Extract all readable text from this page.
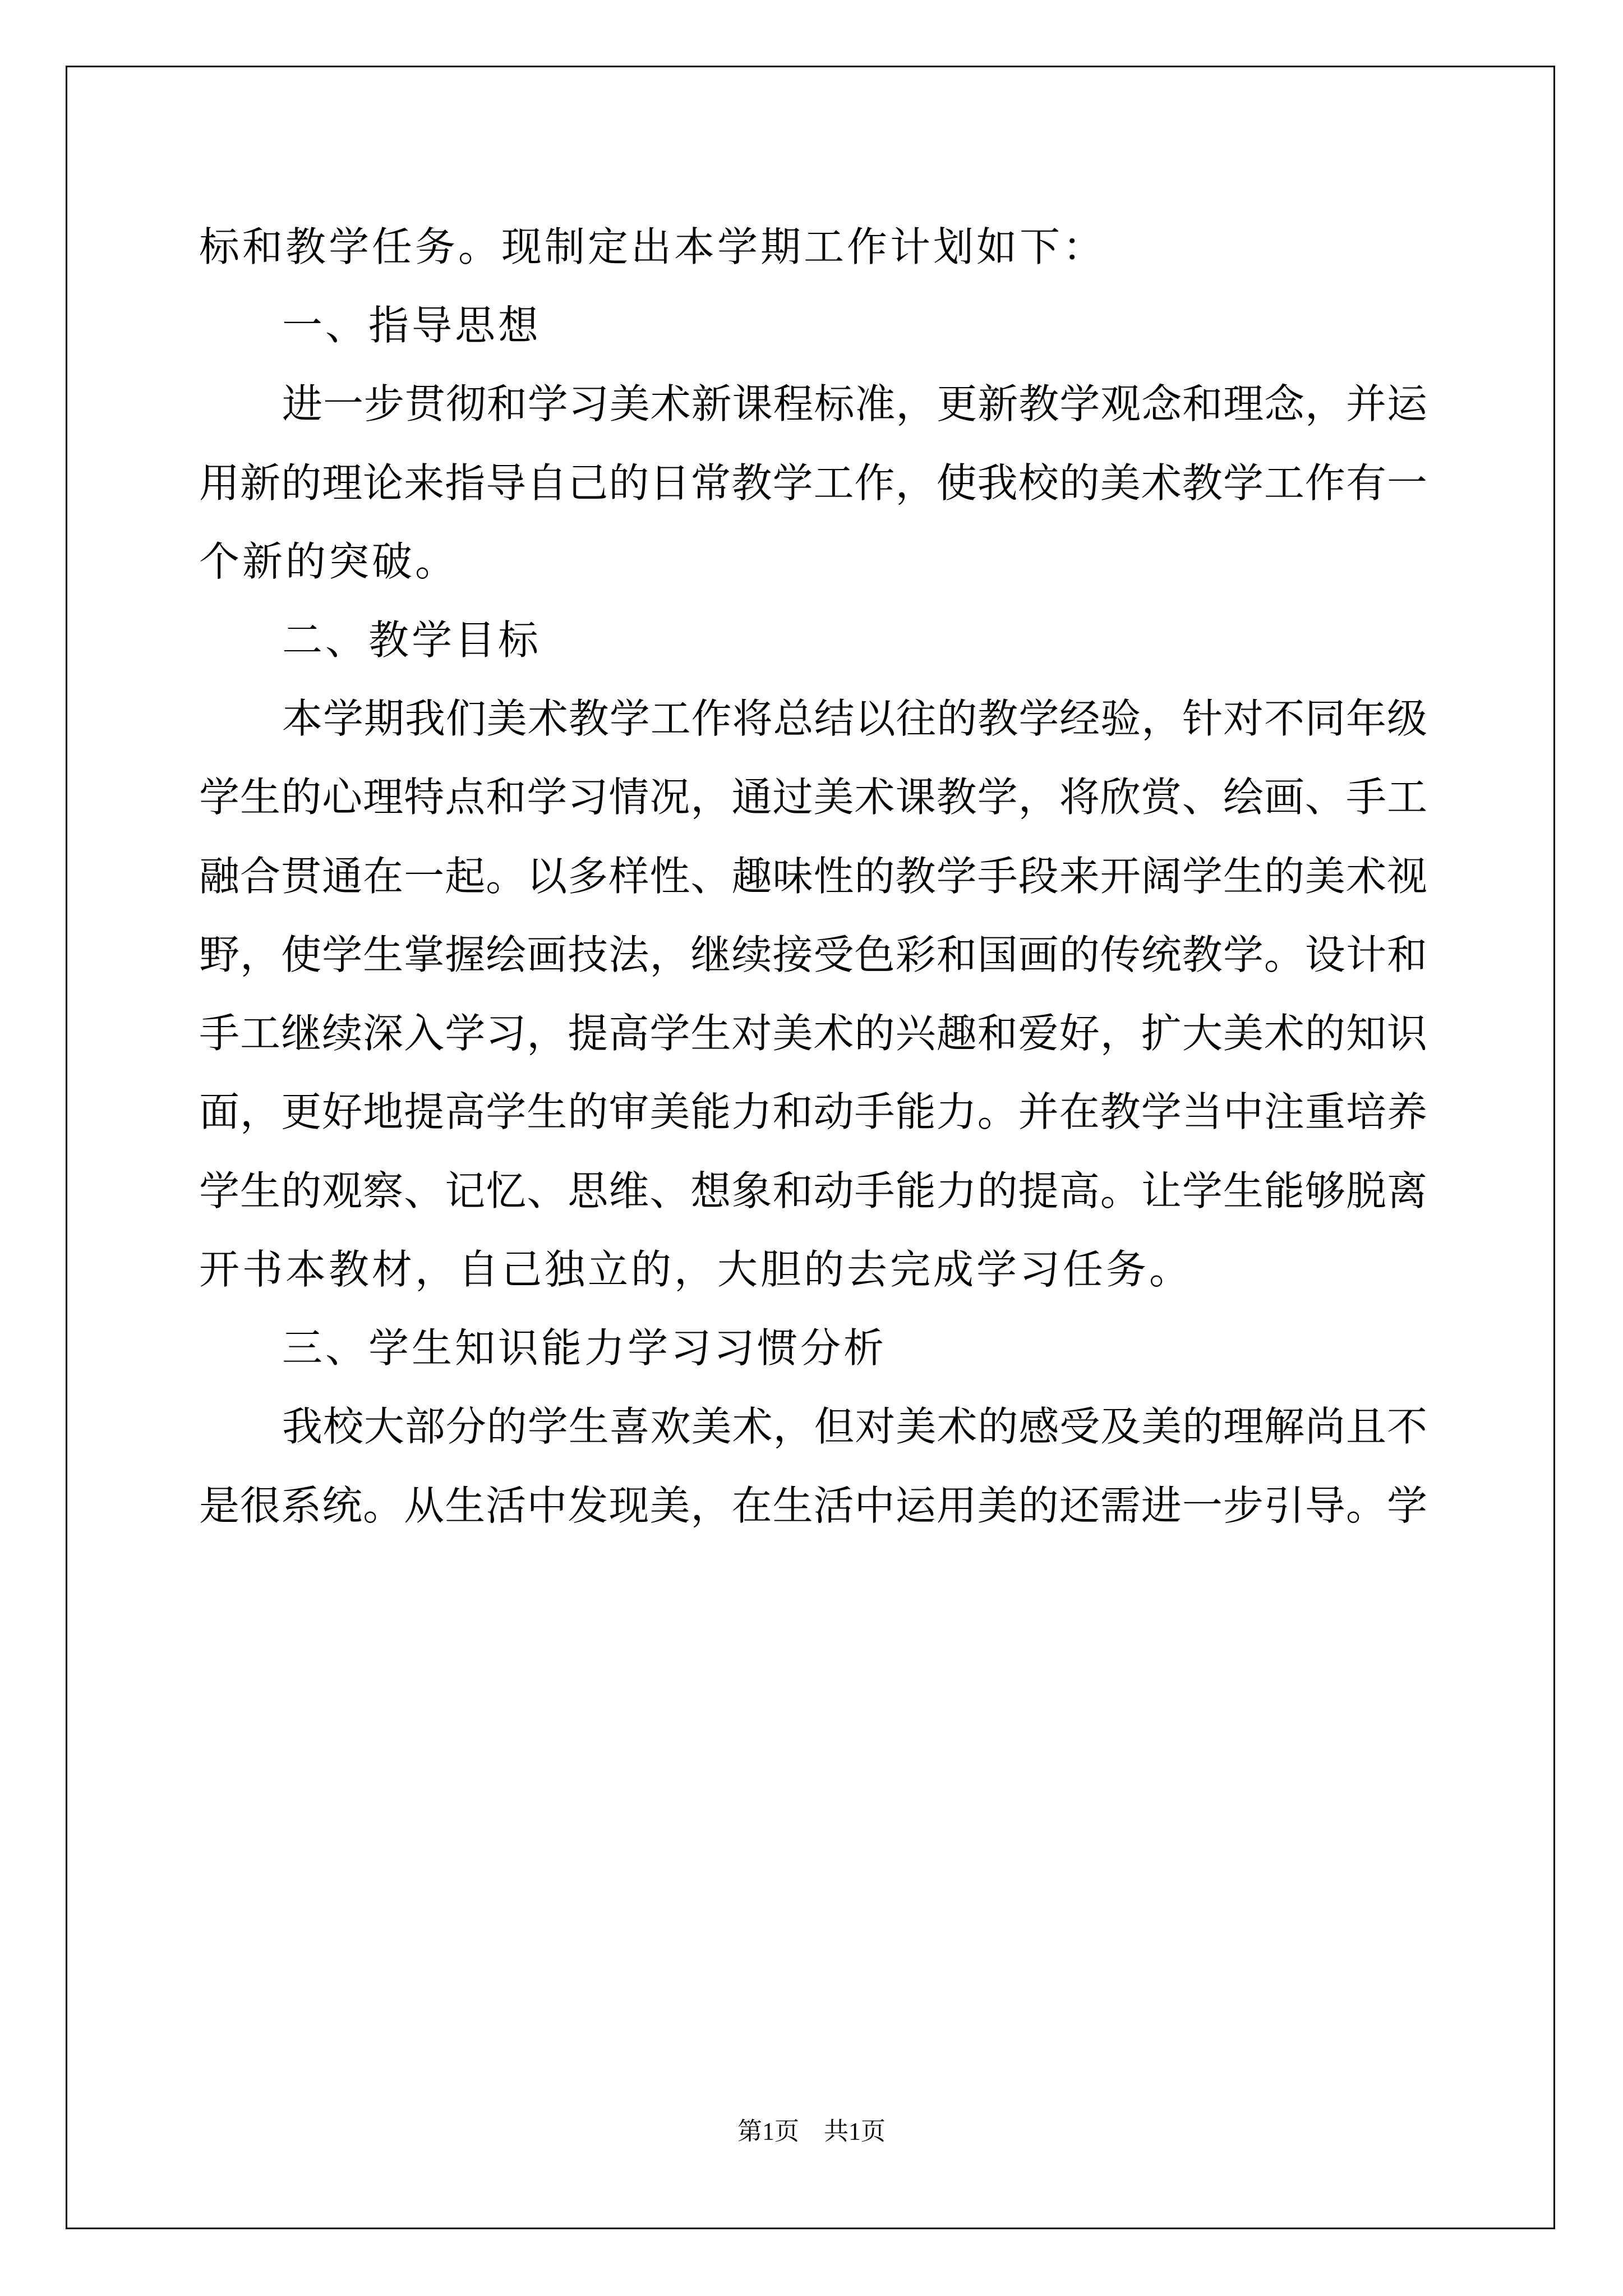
标和教学任务。现制定出本学期工作计划如下：
一、指导思想
进一步贯彻和学习美术新课程标准，更新教学观念和理念，并运
用新的理论来指导自己的日常教学工作，使我校的美术教学工作有一
个新的突破。
二、教学目标
本学期我们美术教学工作将总结以往的教学经验，针对不同年级
学生的心理特点和学习情况，通过美术课教学，将欣赏、绘画、手工
融合贯通在一起。以多样性、趣味性的教学手段来开阔学生的美术视
野，使学生掌握绘画技法，继续接受色彩和国画的传统教学。设计和
手工继续深入学习，提高学生对美术的兴趣和爱好，扩大美术的知识
面，更好地提高学生的审美能力和动手能力。并在教学当中注重培养
学生的观察、记忆、思维、想象和动手能力的提高。让学生能够脱离
开书本教材，自己独立的，大胆的去完成学习任务。
三、学生知识能力学习习惯分析
我校大部分的学生喜欢美术，但对美术的感受及美的理解尚且不
是很系统。从生活中发现美，在生活中运用美的还需进一步引导。学
第1页　共1页
